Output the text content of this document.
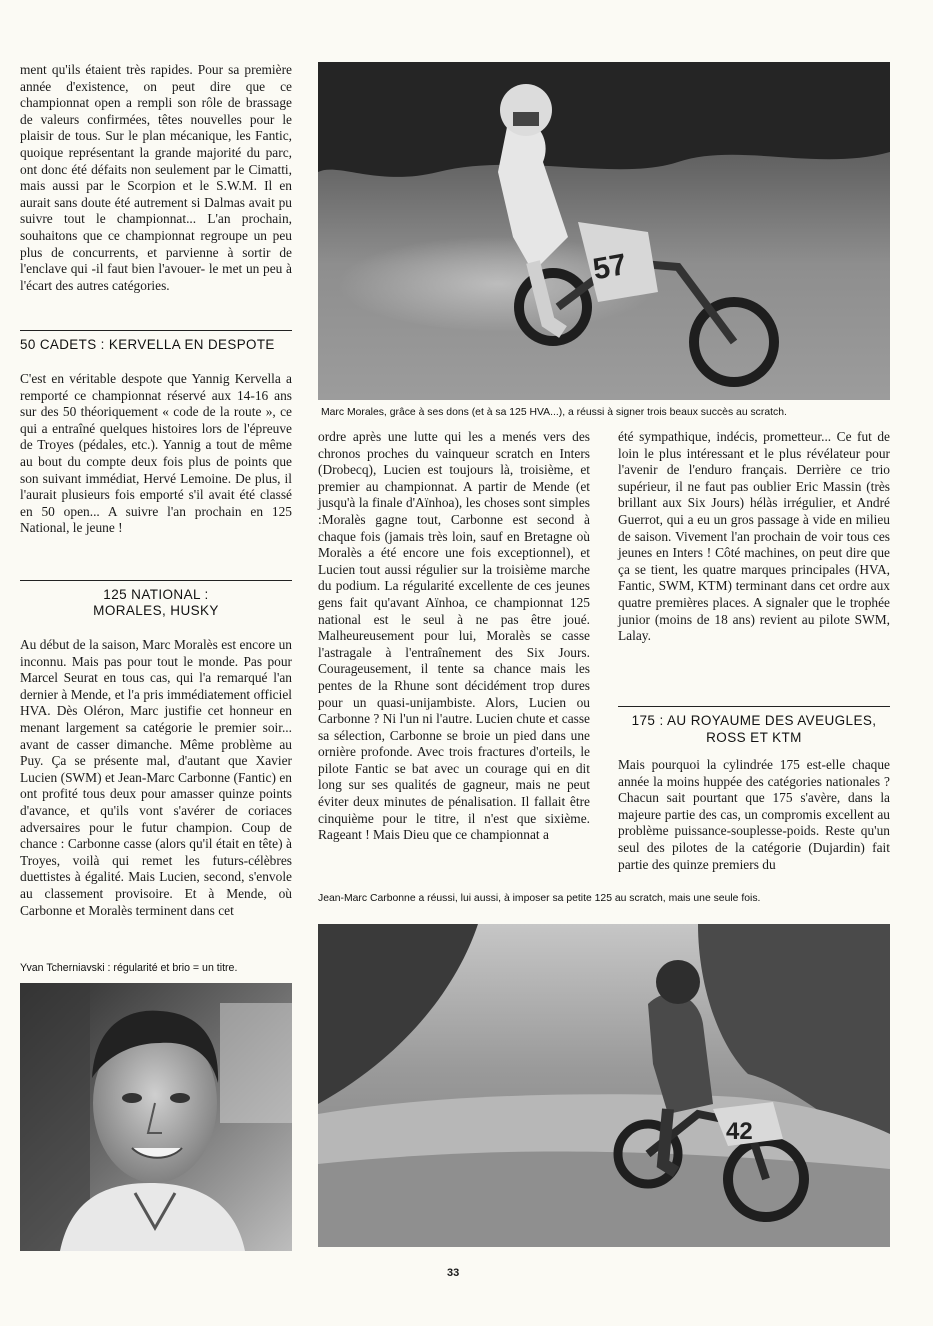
ment qu'ils étaient très rapides. Pour sa première année d'existence, on peut dire que ce championnat open a rempli son rôle de brassage de valeurs confirmées, têtes nouvelles pour le plaisir de tous. Sur le plan mécanique, les Fantic, quoique représentant la grande majorité du parc, ont donc été défaits non seulement par le Cimatti, mais aussi par le Scorpion et le S.W.M. Il en aurait sans doute été autrement si Dalmas avait pu suivre tout le championnat... L'an prochain, souhaitons que ce championnat regroupe un peu plus de concurrents, et parvienne à sortir de l'enclave qui -il faut bien l'avouer- le met un peu à l'écart des autres catégories.

50 CADETS : KERVELLA EN DESPOTE

C'est en véritable despote que Yannig Kervella a remporté ce championnat réservé aux 14-16 ans sur des 50 théoriquement « code de la route », ce qui a entraîné quelques histoires lors de l'épreuve de Troyes (pédales, etc.). Yannig a tout de même au bout du compte deux fois plus de points que son suivant immédiat, Hervé Lemoine. De plus, il l'aurait plusieurs fois emporté s'il avait été classé en 50 open... A suivre l'an prochain en 125 National, le jeune !

125 NATIONAL :
MORALES, HUSKY

Au début de la saison, Marc Moralès est encore un inconnu. Mais pas pour tout le monde. Pas pour Marcel Seurat en tous cas, qui l'a remarqué l'an dernier à Mende, et l'a pris immédiatement officiel HVA. Dès Oléron, Marc justifie cet honneur en menant largement sa catégorie le premier soir... avant de casser dimanche. Même problème au Puy. Ça se présente mal, d'autant que Xavier Lucien (SWM) et Jean-Marc Carbonne (Fantic) en ont profité tous deux pour amasser quinze points d'avance, et qu'ils vont s'avérer de coriaces adversaires pour le futur champion. Coup de chance : Carbonne casse (alors qu'il était en tête) à Troyes, voilà qui remet les futurs-célèbres duettistes à égalité. Mais Lucien, second, s'envole au classement provisoire. Et à Mende, où Carbonne et Moralès terminent dans cet

Yvan Tcherniavski : régularité et brio = un titre.
57
Marc Morales, grâce à ses dons (et à sa 125 HVA...), a réussi à signer trois beaux succès au scratch.

ordre après une lutte qui les a menés vers des chronos proches du vainqueur scratch en Inters (Drobecq), Lucien est toujours là, troisième, et premier au championnat. A partir de Mende (et jusqu'à la finale d'Aïnhoa), les choses sont simples :Moralès gagne tout, Carbonne est second à chaque fois (jamais très loin, sauf en Bretagne où Moralès a été encore une fois exceptionnel), et Lucien tout aussi régulier sur la troisième marche du podium. La régularité excellente de ces jeunes gens fait qu'avant Aïnhoa, ce championnat 125 national est le seul à ne pas être joué. Malheureusement pour lui, Moralès se casse l'astragale à l'entraînement des Six Jours. Courageusement, il tente sa chance mais les pentes de la Rhune sont décidément trop dures pour un quasi-unijambiste. Alors, Lucien ou Carbonne ? Ni l'un ni l'autre. Lucien chute et casse sa sélection, Carbonne se broie un pied dans une ornière profonde. Avec trois fractures d'orteils, le pilote Fantic se bat avec un courage qui en dit long sur ses qualités de gagneur, mais ne peut éviter deux minutes de pénalisation. Il fallait être cinquième pour le titre, il n'est que sixième. Rageant ! Mais Dieu que ce championnat a

été sympathique, indécis, prometteur... Ce fut de loin le plus intéressant et le plus révélateur pour l'avenir de l'enduro français. Derrière ce trio supérieur, il ne faut pas oublier Eric Massin (très brillant aux Six Jours) hélàs irrégulier, et André Guerrot, qui a eu un gros passage à vide en milieu de saison. Vivement l'an prochain de voir tous ces jeunes en Inters ! Côté machines, on peut dire que ça se tient, les quatre marques principales (HVA, Fantic, SWM, KTM) terminant dans cet ordre aux quatre premières places. A signaler que le trophée junior (moins de 18 ans) revient au pilote SWM, Lalay.

175 : AU ROYAUME DES AVEUGLES,
ROSS ET KTM

Mais pourquoi la cylindrée 175 est-elle chaque année la moins huppée des catégories nationales ? Chacun sait pourtant que 175 s'avère, dans la majeure partie des cas, un compromis excellent au problème puissance-souplesse-poids. Reste qu'un seul des pilotes de la catégorie (Dujardin) fait partie des quinze premiers du

Jean-Marc Carbonne a réussi, lui aussi, à imposer sa petite 125 au scratch, mais une seule fois.
42
33
